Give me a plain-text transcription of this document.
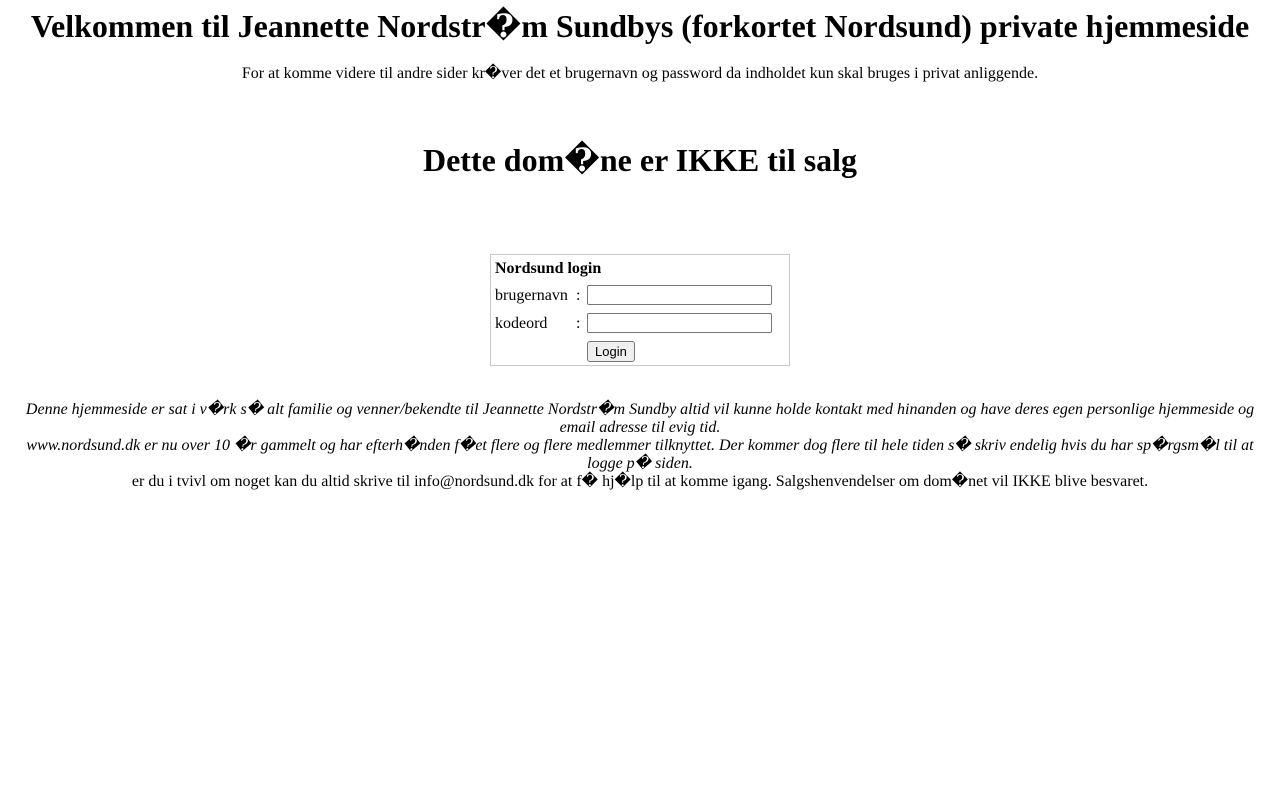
Velkommen til Jeannette Nordstr�m Sundbys (forkortet Nordsund) private hjemmeside

For at komme videre til andre sider kr�ver det et brugernavn og password da indholdet kun skal bruges i privat anliggende.

Dette dom�ne er IKKE til salg
Nordsund login
brugernavn :
kodeord :
Login

Denne hjemmeside er sat i v�rk s� alt familie og venner/bekendte til Jeannette Nordstr�m Sundby altid vil kunne holde kontakt med hinanden og have deres egen personlige hjemmeside og email adresse til evig tid.

www.nordsund.dk er nu over 10 �r gammelt og har efterh�nden f�et flere og flere medlemmer tilknyttet. Der kommer dog flere til hele tiden s� skriv endelig hvis du har sp�rgsm�l til at logge p� siden.

er du i tvivl om noget kan du altid skrive til info@nordsund.dk for at f� hj�lp til at komme igang. Salgshenvendelser om dom�net vil IKKE blive besvaret.
